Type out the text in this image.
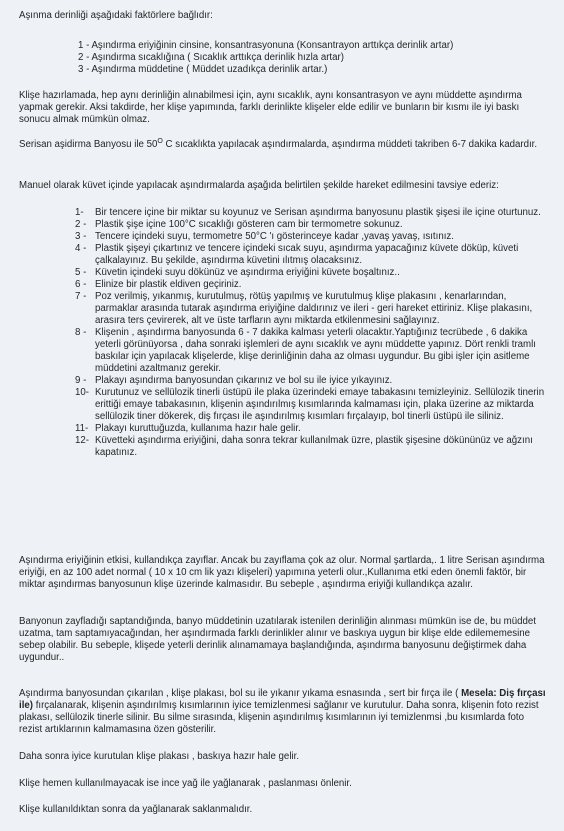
Aşınma derinliği aşağıdaki faktörlere bağlıdır:
1 - Aşındırma eriyiğinin cinsine, konsantrasyonuna (Konsantrayon arttıkça derinlik artar)
2 - Aşındırma sıcaklığına ( Sıcaklık arttıkça derinlik hızla artar)
3 - Aşındırma müddetine ( Müddet uzadıkça derinlik artar.)
Klişe hazırlamada, hep aynı derinliğin alınabilmesi için, aynı sıcaklık, aynı konsantrasyon ve aynı müddette aşındırma yapmak gerekir. Aksi takdirde, her klişe yapımında, farklı derinlikte klişeler elde edilir ve bunların bir kısmı ile iyi baskı sonucu almak mümkün olmaz.
Serisan aşidirma Banyosu ile $50^O$ C sıcaklıkta yapılacak aşındırmalarda, aşındırma müddeti takriben 6-7 dakika kadardır.
Manuel olarak küvet içinde yapılacak aşındırmalarda aşağıda belirtilen şekilde hareket edilmesini tavsiye ederiz:
1-	Bir tencere içine bir miktar su koyunuz ve Serisan aşındırma banyosunu plastik şişesi ile içine oturtunuz.
2 - Plastik şişe içine 100°C sıcaklığı gösteren cam bir termometre sokunuz.
3 - Tencere içindeki suyu, termometre 50°C 'ı gösterinceye kadar ,yavaş yavaş, ısıtınız.
4 - Plastik şişeyi çıkartınız ve tencere içindeki sıcak suyu, aşındırma yapacağınız küvete döküp, küveti çalkalayınız. Bu şekilde, aşındırma küvetini ılıtmış olacaksınız.
5 - Küvetin içindeki suyu dökünüz ve aşındırma eriyiğini küvete boşaltınız..
6 - Elinize bir plastik eldiven geçiriniz.
7 - Poz verilmiş, yıkanmış, kurutulmuş, rötüş yapılmış ve kurutulmuş klişe plakasını , kenarlarından, parmaklar arasında tutarak aşındırma eriyiğine daldırınız ve ileri - geri hareket ettiriniz. Klişe plakasını, arasıra ters çevirerek, alt ve üste tarfların aynı miktarda etkilenmesini sağlayınız.
8 - Klişenin , aşındırma banyosunda 6 - 7 dakika kalması yeterli olacaktır.Yaptığınız tecrübede , 6 dakika yeterli görünüyorsa , daha sonraki işlemleri de aynı sıcaklık ve aynı müddette yapınız. Dört renkli tramlı baskılar için yapılacak klişelerde, klişe derinliğinin daha az olması uygundur. Bu gibi işler için asitleme müddetini azaltmanız gerekir.
9 - Plakayı aşındırma banyosundan çıkarınız ve bol su ile iyice yıkayınız.
10- Kurutunuz ve sellülozik tinerli üstüpü ile plaka üzerindeki emaye tabakasını temizleyiniz. Sellülozik tinerin erittiği emaye tabakasının, klişenin aşındırılmış kısımlarında kalmaması için, plaka üzerine az miktarda sellülozik tiner dökerek, diş fırçası ile aşındırılmış kısımları fırçalayıp, bol tinerli üstüpü ile siliniz.
11- Plakayı kuruttuğuzda, kullanıma hazır hale gelir.
12- Küvetteki aşındırma eriyiğini, daha sonra tekrar kullanılmak üzre, plastik şişesine dökününüz ve ağzını kapatınız.
Aşındırma eriyiğinin etkisi, kullandıkça zayıflar. Ancak bu zayıflama çok az olur. Normal şartlarda,. 1 litre Serisan aşındırma eriyiği, en az 100 adet normal ( 10 x 10 cm lik yazı klişeleri) yapımına yeterli olur.,Kullanıma etki eden önemli faktör, bir miktar aşındırmas banyosunun klişe üzerinde kalmasıdır. Bu sebeple , aşındırma eriyiği kullandıkça azalır.
Banyonun zayfladığı saptandığında, banyo müddetinin uzatılarak istenilen derinliğin alınması mümkün ise de, bu müddet uzatma, tam saptamıyacağından, her aşındırmada farklı derinlikler alınır ve baskıya uygun bir klişe elde edilememesine sebep olabilir. Bu sebeple, klişede yeterli derinlik alınamamaya başlandığında, aşındırma banyosunu değiştirmek daha uygundur..
Aşındırma banyosundan çıkarılan , klişe plakası, bol su ile yıkanır yıkama esnasında , sert bir fırça ile ( Mesela: Diş fırçası ile) fırçalanarak, klişenin aşındırılmış kısımlarının iyice temizlenmesi sağlanır ve kurutulur. Daha sonra, klişenin foto rezist plakası, sellülozik tinerle silinir. Bu silme sırasında, klişenin aşındırılmış kısımlarının iyi temizlenmsi ,bu kısımlarda foto rezist artıklarının kalmamasına özen gösterilir.
Daha sonra iyice kurutulan klişe plakası , baskıya hazır hale gelir.
Klişe hemen kullanılmayacak ise ince yağ ile yağlanarak , paslanması önlenir.
Klişe kullanıldıktan sonra da yağlanarak saklanmalıdır.
